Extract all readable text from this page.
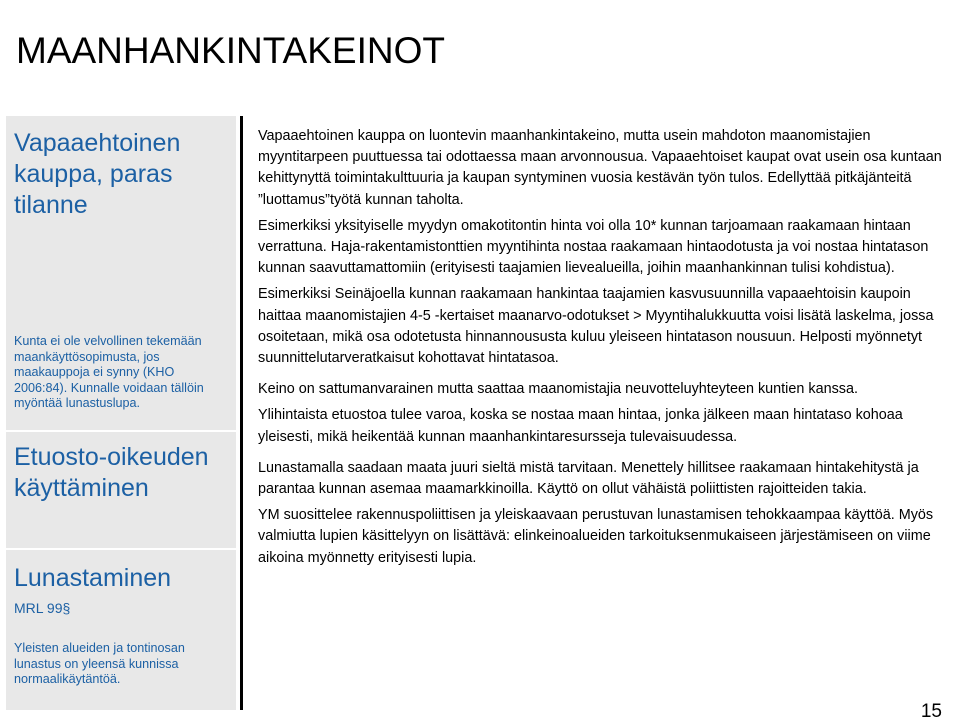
MAANHANKINTAKEINOT
Vapaaehtoinen kauppa, paras tilanne
Kunta ei ole velvollinen tekemään maankäyttösopimusta, jos maakauppoja ei synny (KHO 2006:84). Kunnalle voidaan tällöin myöntää lunastuslupa.
Etuosto-oikeuden käyttäminen
Lunastaminen
MRL 99§
Yleisten alueiden ja tontinosan lunastus on yleensä kunnissa normaalikäytäntöä.

Vapaaehtoinen kauppa on luontevin maanhankintakeino, mutta usein mahdoton maanomistajien myyntitarpeen puuttuessa tai odottaessa maan arvonnousua. Vapaaehtoiset kaupat ovat usein osa kuntaan kehittynyttä toimintakulttuuria ja kaupan syntyminen vuosia kestävän työn tulos. Edellyttää pitkäjänteitä ”luottamus”työtä kunnan taholta.

Esimerkiksi yksityiselle myydyn omakotitontin hinta voi olla 10* kunnan tarjoamaan raakamaan hintaan verrattuna. Haja-rakentamistonttien myyntihinta nostaa raakamaan hintaodotusta ja voi nostaa hintatason kunnan saavuttamattomiin (erityisesti taajamien lievealueilla, joihin maanhankinnan tulisi kohdistua).

Esimerkiksi Seinäjoella kunnan raakamaan hankintaa taajamien kasvusuunnilla vapaaehtoisin kaupoin haittaa maanomistajien 4-5 -kertaiset maanarvo-odotukset > Myyntihalukkuutta voisi lisätä laskelma, jossa osoitetaan, mikä osa odotetusta hinnannoususta kuluu yleiseen hintatason nousuun. Helposti myönnetyt suunnittelutarveratkaisut kohottavat hintatasoa.

Keino on sattumanvarainen mutta saattaa maanomistajia neuvotteluyhteyteen kuntien kanssa.

Ylihintaista etuostoa tulee varoa, koska se nostaa maan hintaa, jonka jälkeen maan hintataso kohoaa yleisesti, mikä heikentää kunnan maanhankintaresursseja tulevaisuudessa.

Lunastamalla saadaan maata juuri sieltä mistä tarvitaan. Menettely hillitsee raakamaan hintakehitystä ja parantaa kunnan asemaa maamarkkinoilla. Käyttö on ollut vähäistä poliittisten rajoitteiden takia.

YM suosittelee rakennuspoliittisen ja yleiskaavaan perustuvan lunastamisen tehokkaampaa käyttöä. Myös valmiutta lupien käsittelyyn on lisättävä: elinkeinoalueiden tarkoituksenmukaiseen järjestämiseen on viime aikoina myönnetty erityisesti lupia.

15
